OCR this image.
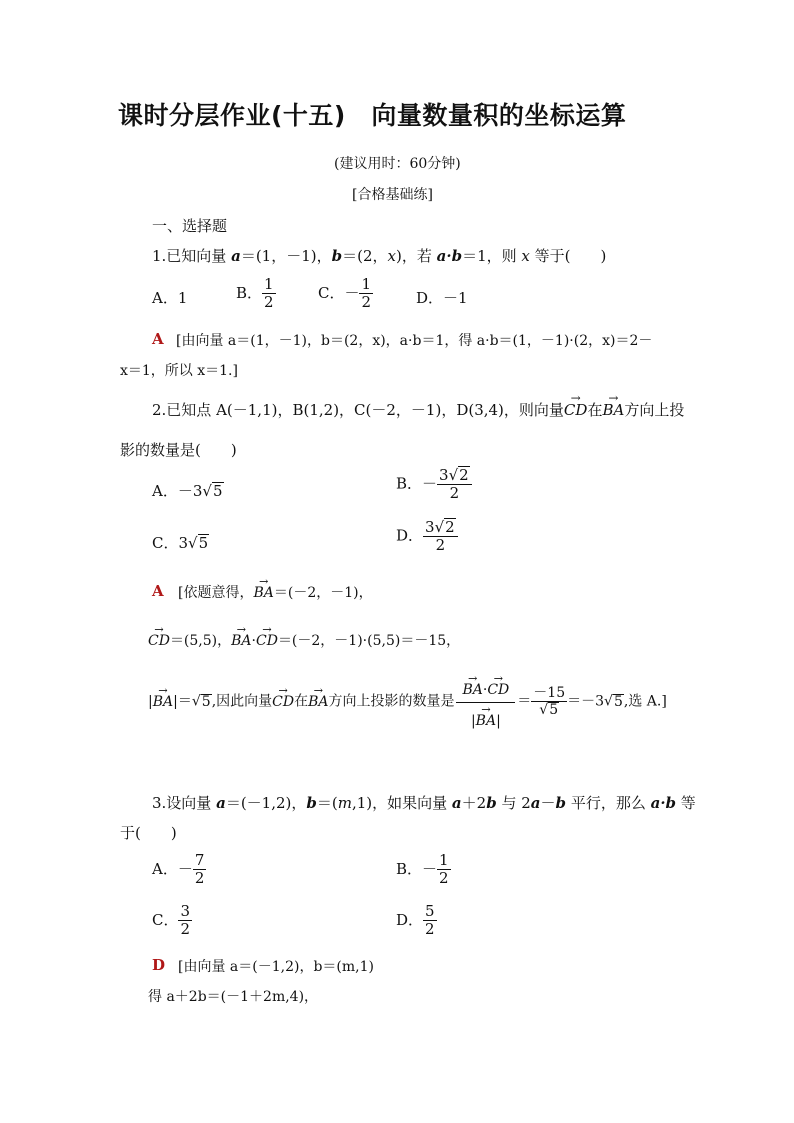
课时分层作业(十五)　向量数量积的坐标运算
(建议用时：60分钟)
[合格基础练]
一、选择题
1.已知向量 a＝(1，－1)，b＝(2，x)，若 a·b＝1，则 x 等于(　　)
A．1	B． $\frac{1}{2}$	C．－ $\frac{1}{2}$	D．－1
A [由向量 a＝(1，－1)，b＝(2，x)，a·b＝1，得 a·b＝(1，－1)·(2，x)＝2－
x＝1，所以 x＝1.]
2.已知点 A(－1,1)，B(1,2)，C(－2，－1)，D(3,4)，则向量→ CD在→ BA方向上投
影的数量是(　　)
A．－3√5	B．－ $\frac{3√2}{2}$
C．3√5	D． $\frac{3√2}{2}$
A [依题意得，→ BA＝(－2，－1)，
→ CD＝(5,5)，→ BA·→ CD＝(－2，－1)·(5,5)＝－15，
|→ BA|＝√5,因此向量→ CD在→ BA方向上投影的数量是
→ $\frac{BA\cdot\to CD}{|\to BA|} = \frac{-15}{√5} =-3√5$,选 A.]
3.设向量 a＝(－1,2)，b＝(m,1)，如果向量 a＋2b 与 2a－b 平行，那么 a·b 等
于(　　)
A．－ $\frac{7}{2}$	B．－ $\frac{1}{2}$
C． $\frac{3}{2}$	D． $\frac{5}{2}$
D [由向量 a＝(－1,2)，b＝(m,1)
得 a＋2b＝(－1＋2m,4)，
